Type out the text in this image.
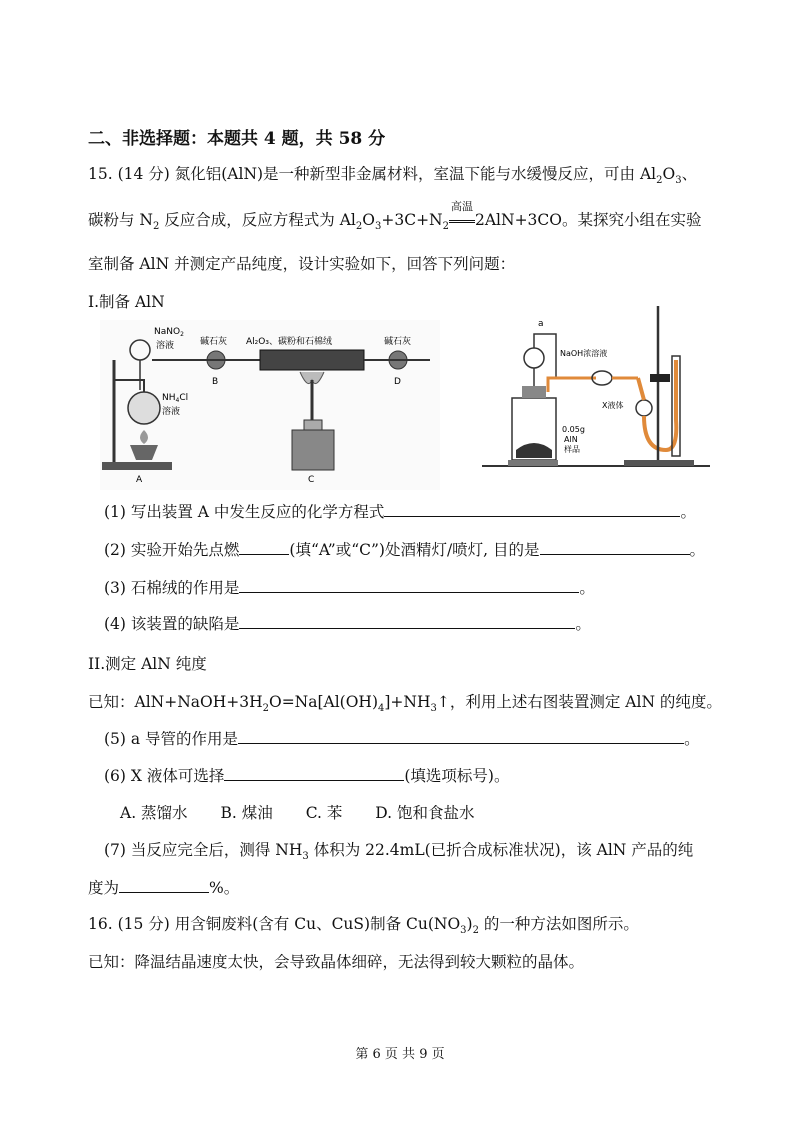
二、非选择题：本题共 4 题，共 58 分
15. (14 分) 氮化铝(AlN)是一种新型非金属材料，室温下能与水缓慢反应，可由 $Al_2O_3$、
碳粉与 $N_2$ 反应合成，反应方程式为 $Al_2O_3+3C+N_2$
高温
2AlN+3CO。某探究小组在实验
室制备 AlN 并测定产品纯度，设计实验如下，回答下列问题：
I.制备 AlN
NaNO$_2$
溶液
$NH_4Cl$
溶液
碱石灰 Al₂O₃、碳粉和石棉绒	碱石灰
A
B
C
D
a
NaOH浓溶液
X液体
0.05g
AlN
样品
(1) 写出装置 A 中发生反应的化学方程式	。
(2) 实验开始先点燃	(填“A”或“C”)处酒精灯/喷灯, 目的是	。
(3) 石棉绒的作用是	。
(4) 该装置的缺陷是	。
II.测定 AlN 纯度
已知：$AlN+NaOH+3H_2O=Na[Al(OH)_4]+NH_3↑$，利用上述右图装置测定 AlN 的纯度。
(5) a 导管的作用是	。
(6) X 液体可选择	(填选项标号)。
A. 蒸馏水 B. 煤油 C. 苯 D. 饱和食盐水
(7) 当反应完全后，测得 $NH_3$ 体积为 22.4mL(已折合成标准状况)，该 AlN 产品的纯
度为	%。
16. (15 分) 用含铜废料(含有 Cu、CuS)制备 $Cu(NO_3)_2$ 的一种方法如图所示。
已知：降温结晶速度太快，会导致晶体细碎，无法得到较大颗粒的晶体。
第 6 页 共 9 页
